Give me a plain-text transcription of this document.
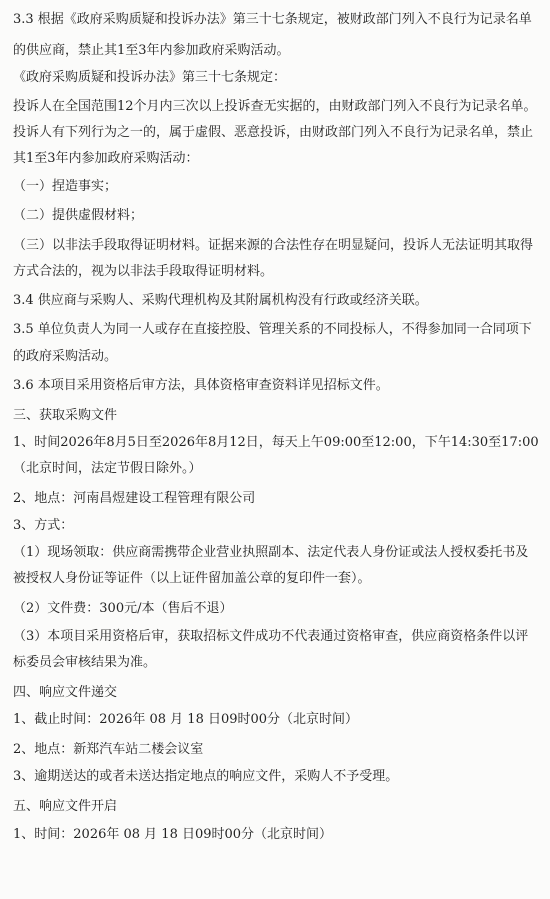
3.3 根据《政府采购质疑和投诉办法》第三十七条规定，被财政部门列入不良行为记录名单
的供应商，禁止其1至3年内参加政府采购活动。
《政府采购质疑和投诉办法》第三十七条规定：
投诉人在全国范围12个月内三次以上投诉查无实据的，由财政部门列入不良行为记录名单。
投诉人有下列行为之一的，属于虚假、恶意投诉，由财政部门列入不良行为记录名单，禁止
其1至3年内参加政府采购活动：
（一）捏造事实；
（二）提供虚假材料；
（三）以非法手段取得证明材料。证据来源的合法性存在明显疑问，投诉人无法证明其取得
方式合法的，视为以非法手段取得证明材料。
3.4 供应商与采购人、采购代理机构及其附属机构没有行政或经济关联。
3.5 单位负责人为同一人或存在直接控股、管理关系的不同投标人，不得参加同一合同项下
的政府采购活动。
3.6 本项目采用资格后审方法，具体资格审查资料详见招标文件。
三、获取采购文件
1、时间2026年8月5日至2026年8月12日，每天上午09:00至12:00，下午14:30至17:00
（北京时间，法定节假日除外。）
2、地点：河南昌煜建设工程管理有限公司
3、方式：
（1）现场领取：供应商需携带企业营业执照副本、法定代表人身份证或法人授权委托书及
被授权人身份证等证件（以上证件留加盖公章的复印件一套）。
（2）文件费：300元/本（售后不退）
（3）本项目采用资格后审，获取招标文件成功不代表通过资格审查，供应商资格条件以评
标委员会审核结果为准。
四、响应文件递交
1、截止时间：2026年 08 月 18 日09时00分（北京时间）
2、地点：新郑汽车站二楼会议室
3、逾期送达的或者未送达指定地点的响应文件，采购人不予受理。
五、响应文件开启
1、时间：2026年 08 月 18 日09时00分（北京时间）
